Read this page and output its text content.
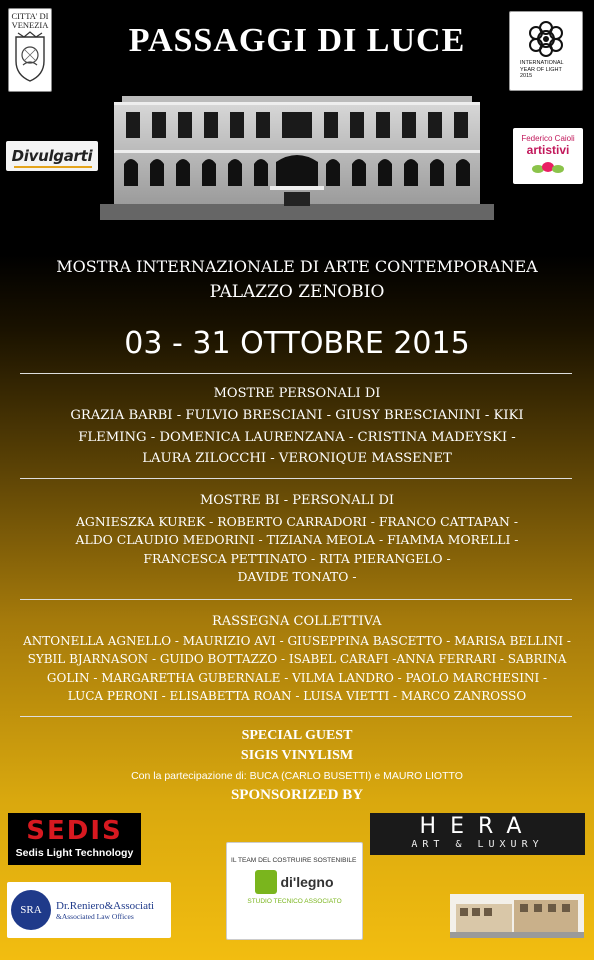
CITTA' DI VENEZIA	PASSAGGI DI LUCE
INTERNATIONAL YEAR OF LIGHT 2015
Divulgarti
Federico Caioli
artistivi
MOSTRA INTERNAZIONALE DI ARTE CONTEMPORANEA
PALAZZO ZENOBIO
03 - 31 OTTOBRE 2015
MOSTRE PERSONALI DI
GRAZIA BARBI - FULVIO BRESCIANI - GIUSY BRESCIANINI - KIKI
FLEMING - DOMENICA LAURENZANA - CRISTINA MADEYSKI -
LAURA ZILOCCHI - VERONIQUE MASSENET
MOSTRE BI - PERSONALI DI
AGNIESZKA KUREK - ROBERTO CARRADORI - FRANCO CATTAPAN -
ALDO CLAUDIO MEDORINI - TIZIANA MEOLA - FIAMMA MORELLI -
FRANCESCA PETTINATO - RITA PIERANGELO -
DAVIDE TONATO -
RASSEGNA COLLETTIVA
ANTONELLA AGNELLO - MAURIZIO AVI - GIUSEPPINA BASCETTO - MARISA BELLINI -
SYBIL BJARNASON - GUIDO BOTTAZZO - ISABEL CARAFI -ANNA FERRARI - SABRINA
GOLIN - MARGARETHA GUBERNALE - VILMA LANDRO - PAOLO MARCHESINI -
LUCA PERONI - ELISABETTA ROAN - LUISA VIETTI - MARCO ZANROSSO
SPECIAL GUEST
SIGIS VINYLISM
Con la partecipazione di: BUCA (CARLO BUSETTI) e MAURO LIOTTO
SPONSORIZED BY
SEDIS
Sedis Light Technology
HERA
ART & LUXURY
SRA Dr.Reniero&Associati
&Associated Law Offices
IL TEAM DEL COSTRUIRE SOSTENIBILE
di'legno
STUDIO TECNICO ASSOCIATO
